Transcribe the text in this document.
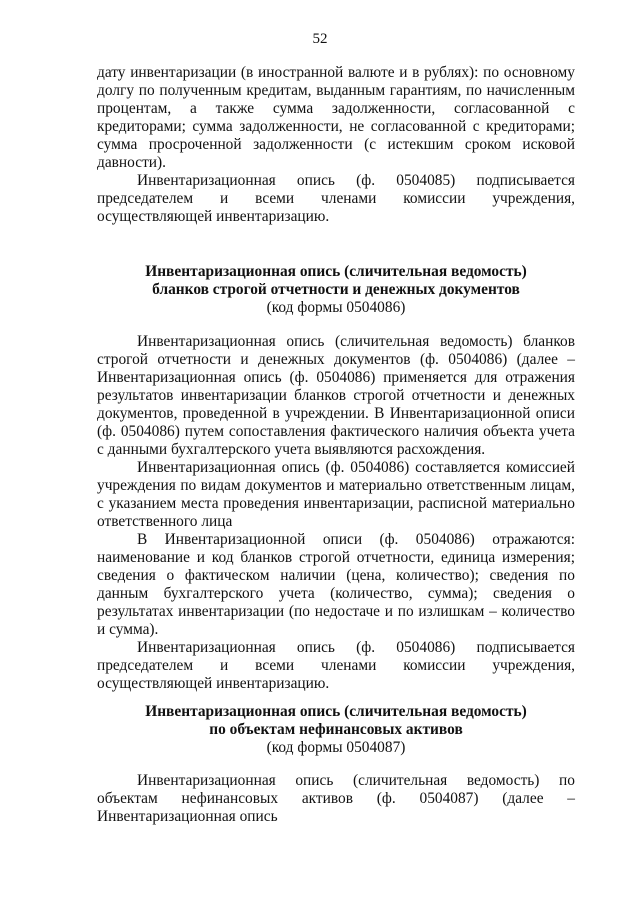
52

дату инвентаризации (в иностранной валюте и в рублях): по основному долгу по полученным кредитам, выданным гарантиям, по начисленным процентам, а также сумма задолженности, согласованной с кредиторами; сумма задолженности, не согласованной с кредиторами; сумма просроченной задолженности (с истекшим сроком исковой давности).

Инвентаризационная опись (ф. 0504085) подписывается председателем и всеми членами комиссии учреждения, осуществляющей инвентаризацию.

Инвентаризационная опись (сличительная ведомость)
бланков строгой отчетности и денежных документов
(код формы 0504086)

Инвентаризационная опись (сличительная ведомость) бланков строгой отчетности и денежных документов (ф. 0504086) (далее – Инвентаризационная опись (ф. 0504086) применяется для отражения результатов инвентаризации бланков строгой отчетности и денежных документов, проведенной в учреждении. В Инвентаризационной описи (ф. 0504086) путем сопоставления фактического наличия объекта учета с данными бухгалтерского учета выявляются расхождения.

Инвентаризационная опись (ф. 0504086) составляется комиссией учреждения по видам документов и материально ответственным лицам, с указанием места проведения инвентаризации, расписной материально ответственного лица

В Инвентаризационной описи (ф. 0504086) отражаются: наименование и код бланков строгой отчетности, единица измерения; сведения о фактическом наличии (цена, количество); сведения по данным бухгалтерского учета (количество, сумма); сведения о результатах инвентаризации (по недостаче и по излишкам – количество и сумма).

Инвентаризационная опись (ф. 0504086) подписывается председателем и всеми членами комиссии учреждения, осуществляющей инвентаризацию.

Инвентаризационная опись (сличительная ведомость)
по объектам нефинансовых активов
(код формы 0504087)

Инвентаризационная опись (сличительная ведомость) по объектам нефинансовых активов (ф. 0504087) (далее – Инвентаризационная опись
